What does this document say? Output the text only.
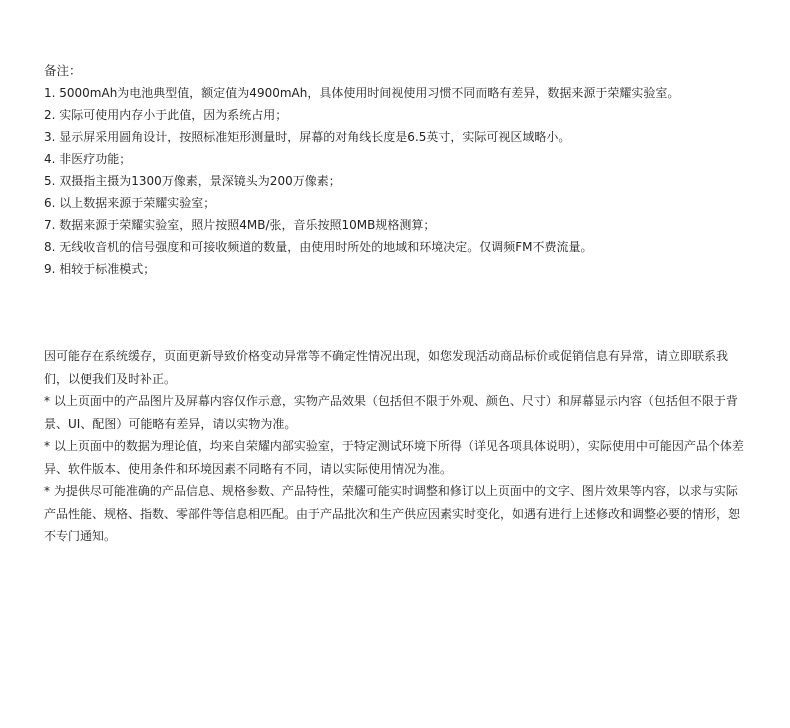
备注：
1. 5000mAh为电池典型值，额定值为4900mAh，具体使用时间视使用习惯不同而略有差异，数据来源于荣耀实验室。
2. 实际可使用内存小于此值，因为系统占用；
3. 显示屏采用圆角设计，按照标准矩形测量时，屏幕的对角线长度是6.5英寸，实际可视区域略小。
4. 非医疗功能；
5. 双摄指主摄为1300万像素，景深镜头为200万像素；
6. 以上数据来源于荣耀实验室；
7. 数据来源于荣耀实验室，照片按照4MB/张，音乐按照10MB规格测算；
8. 无线收音机的信号强度和可接收频道的数量，由使用时所处的地域和环境决定。仅调频FM不费流量。
9. 相较于标准模式；

因可能存在系统缓存，页面更新导致价格变动异常等不确定性情况出现，如您发现活动商品标价或促销信息有异常，请立即联系我们，以便我们及时补正。

* 以上页面中的产品图片及屏幕内容仅作示意，实物产品效果（包括但不限于外观、颜色、尺寸）和屏幕显示内容（包括但不限于背景、UI、配图）可能略有差异，请以实物为准。

* 以上页面中的数据为理论值，均来自荣耀内部实验室，于特定测试环境下所得（详见各项具体说明），实际使用中可能因产品个体差异、软件版本、使用条件和环境因素不同略有不同，请以实际使用情况为准。

* 为提供尽可能准确的产品信息、规格参数、产品特性，荣耀可能实时调整和修订以上页面中的文字、图片效果等内容，以求与实际产品性能、规格、指数、零部件等信息相匹配。由于产品批次和生产供应因素实时变化，如遇有进行上述修改和调整必要的情形，恕不专门通知。
